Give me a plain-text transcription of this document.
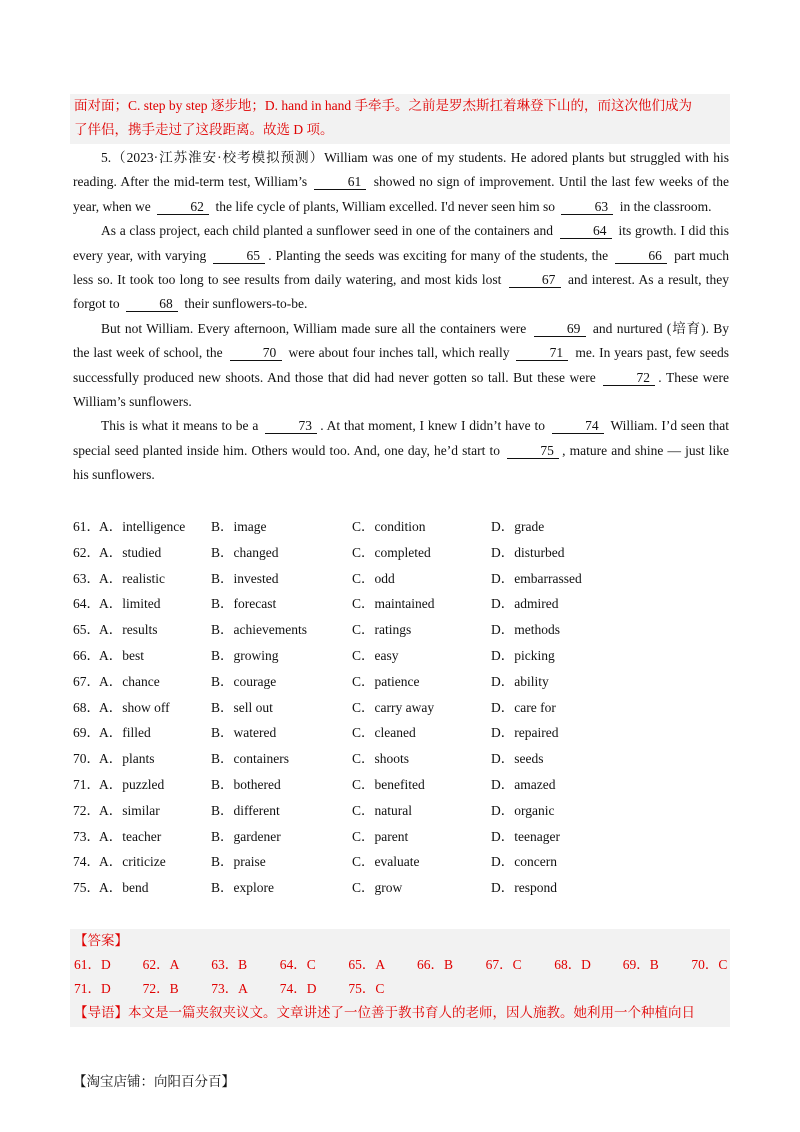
面对面；C. step by step 逐步地；D. hand in hand 手牵手。之前是罗杰斯扛着琳登下山的，而这次他们成为

了伴侣，携手走过了这段距离。故选 D 项。

5.（2023·江苏淮安·校考模拟预测）William was one of my students. He adored plants but struggled with his reading. After the mid-term test, William’s	61 showed no sign of improvement. Until the last few weeks of the year, when we	62 the life cycle of plants, William excelled. I'd never seen him so	63 in the classroom.

As a class project, each child planted a sunflower seed in one of the containers and	64 its growth. I did this every year, with varying	65 . Planting the seeds was exciting for many of the students, the	66 part much less so. It took too long to see results from daily watering, and most kids lost	67 and interest. As a result, they forgot to	68 their sunflowers-to-be.

But not William. Every afternoon, William made sure all the containers were	69 and nurtured (培育). By the last week of school, the	70 were about four inches tall, which really	71 me. In years past, few seeds successfully produced new shoots. And those that did had never gotten so tall. But these were	72 . These were William’s sunflowers.

This is what it means to be a	73 . At that moment, I knew I didn’t have to	74 William. I’d seen that special seed planted inside him. Others would too. And, one day, he’d start to	75 , mature and shine — just like his sunflowers.

61． A．intelligence B．image	C．condition	D．grade
62． A．studied	B．changed	C．completed	D．disturbed
63． A．realistic	B．invested	C．odd	D．embarrassed
64． A．limited	B．forecast	C．maintained	D．admired
65． A．results	B．achievements	C．ratings	D．methods
66． A．best	B．growing	C．easy	D．picking
67． A．chance	B．courage	C．patience	D．ability
68． A．show off	B．sell out	C．carry away	D．care for
69． A．filled	B．watered	C．cleaned	D．repaired
70． A．plants	B．containers	C．shoots	D．seeds
71． A．puzzled	B．bothered	C．benefited	D．amazed
72． A．similar	B．different	C．natural	D．organic
73． A．teacher	B．gardener	C．parent	D．teenager
74． A．criticize	B．praise	C．evaluate	D．concern
75． A．bend	B．explore	C．grow	D．respond
【答案】
61．D 62．A 63．B 64．C 65．A 66．B 67．C 68．D 69．B 70．C
71．D 72．B 73．A 74．D 75．C
【导语】本文是一篇夹叙夹议文。文章讲述了一位善于教书育人的老师，因人施教。她利用一个种植向日
【淘宝店铺：向阳百分百】
